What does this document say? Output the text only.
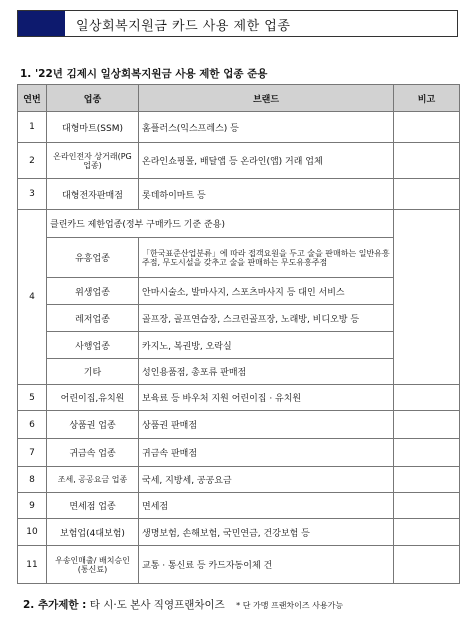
일상회복지원금 카드 사용 제한 업종
1. '22년 김제시 일상회복지원금 사용 제한 업종 준용
연번	업종	브랜드	비고
1	대형마트(SSM)	홈플러스(익스프레스) 등	
2	온라인전자 상거래(PG업종)	온라인쇼핑몰, 배달앱 등 온라인(앱) 거래 업체	
3	대형전자판매점	롯데하이마트 등	
4	클린카드 제한업종(정부 구매카드 기준 준용)		
	유흥업종	「한국표준산업분류」에 따라 접객요원을 두고 술을 판매하는 일반유흥주점, 무도시설을 갖추고 술을 판매하는 무도유흥주점	
	위생업종	안마시술소, 발마사지, 스포츠마사지 등 대인 서비스	
	레저업종	골프장, 골프연습장, 스크린골프장, 노래방, 비디오방 등	
	사행업종	카지노, 복권방, 오락실	
	기타	성인용품점, 총포류 판매점	
5	어린이집,유치원	보육료 등 바우처 지원 어린이집 · 유치원	
6	상품권 업종	상품권 판매점	
7	귀금속 업종	귀금속 판매점	
8	조세, 공공요금 업종	국세, 지방세, 공공요금	
9	면세점 업종	면세점	
10	보험업(4대보험)	생명보험, 손해보험, 국민연금, 건강보험 등	
11	우송인매출/ 배치승인(통신료)	교통 · 통신료 등 카드자동이체 건	
2. 추가제한 : 타 시·도 본사 직영프랜차이즈 * 단 가맹 프랜차이즈 사용가능
